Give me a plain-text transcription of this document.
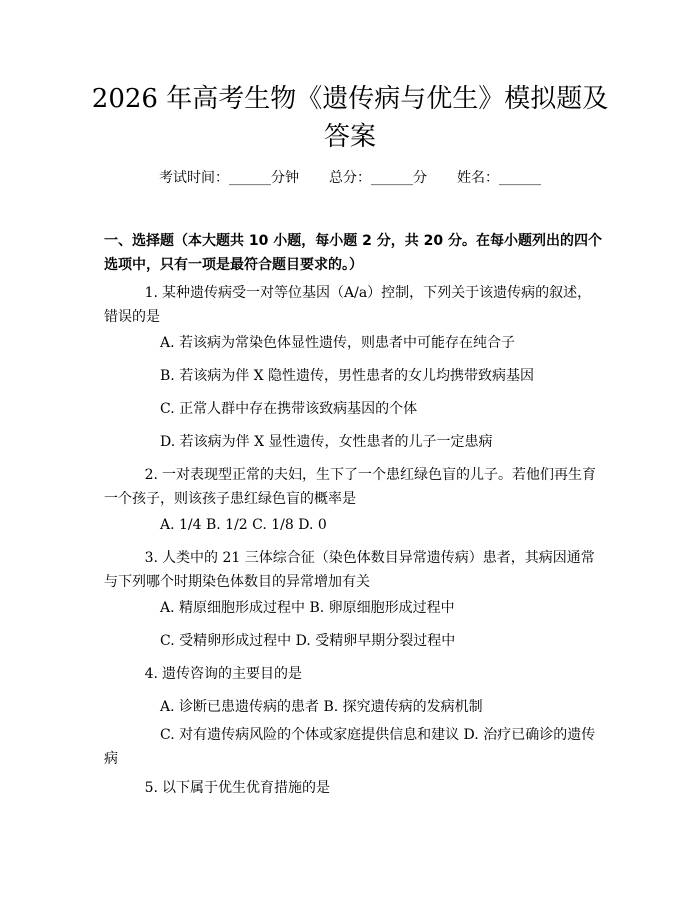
2026 年高考生物《遗传病与优生》模拟题及
答案
考试时间：______分钟 总分：______分 姓名：______
一、选择题（本大题共 10 小题，每小题 2 分，共 20 分。在每小题列出的四个选项中，只有一项是最符合题目要求的。）
1. 某种遗传病受一对等位基因（A/a）控制，下列关于该遗传病的叙述，错误的是
A. 若该病为常染色体显性遗传，则患者中可能存在纯合子
B. 若该病为伴 X 隐性遗传，男性患者的女儿均携带致病基因
C. 正常人群中存在携带该致病基因的个体
D. 若该病为伴 X 显性遗传，女性患者的儿子一定患病
2. 一对表现型正常的夫妇，生下了一个患红绿色盲的儿子。若他们再生育一个孩子，则该孩子患红绿色盲的概率是
A. 1/4 B. 1/2 C. 1/8 D. 0
3. 人类中的 21 三体综合征（染色体数目异常遗传病）患者，其病因通常与下列哪个时期染色体数目的异常增加有关
A. 精原细胞形成过程中 B. 卵原细胞形成过程中
C. 受精卵形成过程中 D. 受精卵早期分裂过程中
4. 遗传咨询的主要目的是
A. 诊断已患遗传病的患者 B. 探究遗传病的发病机制
C. 对有遗传病风险的个体或家庭提供信息和建议 D. 治疗已确诊的遗传病
5. 以下属于优生优育措施的是
